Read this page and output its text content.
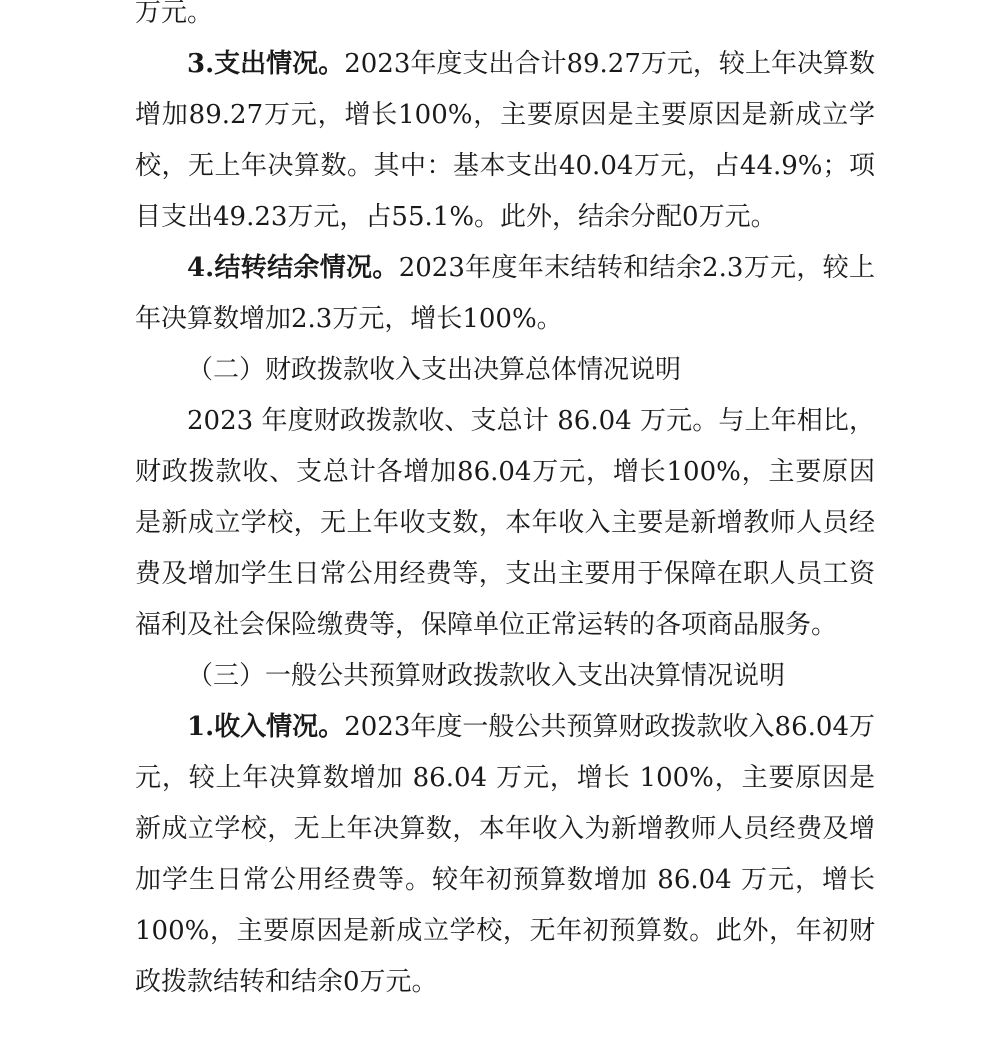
万元。

3.支出情况。2023年度支出合计89.27万元，较上年决算数增加89.27万元，增长100%，主要原因是主要原因是新成立学校，无上年决算数。其中：基本支出40.04万元，占44.9%；项目支出49.23万元，占55.1%。此外，结余分配0万元。

4.结转结余情况。2023年度年末结转和结余2.3万元，较上年决算数增加2.3万元，增长100%。

（二）财政拨款收入支出决算总体情况说明

2023 年度财政拨款收、支总计 86.04 万元。与上年相比，财政拨款收、支总计各增加86.04万元，增长100%，主要原因是新成立学校，无上年收支数，本年收入主要是新增教师人员经费及增加学生日常公用经费等，支出主要用于保障在职人员工资福利及社会保险缴费等，保障单位正常运转的各项商品服务。

（三）一般公共预算财政拨款收入支出决算情况说明

1.收入情况。2023年度一般公共预算财政拨款收入86.04万元，较上年决算数增加 86.04 万元，增长 100%，主要原因是新成立学校，无上年决算数，本年收入为新增教师人员经费及增加学生日常公用经费等。较年初预算数增加 86.04 万元，增长100%，主要原因是新成立学校，无年初预算数。此外，年初财政拨款结转和结余0万元。
